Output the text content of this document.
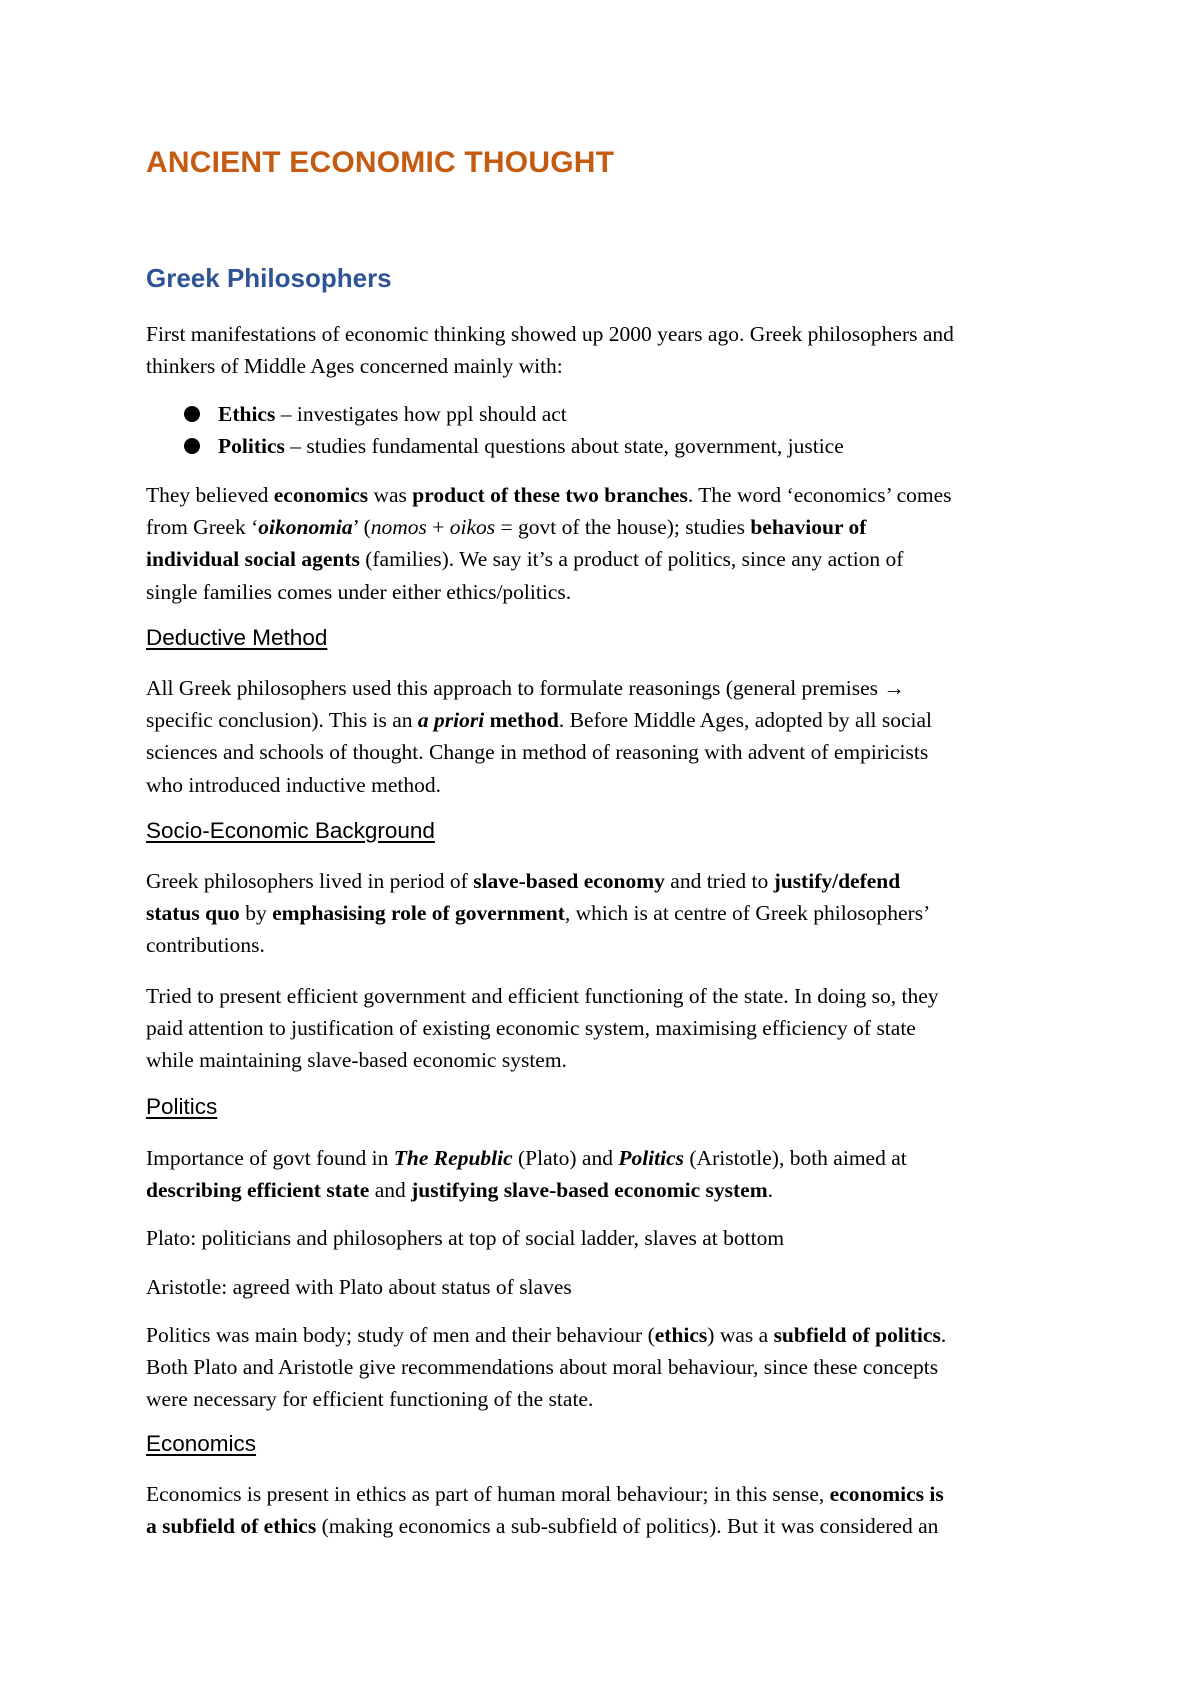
ANCIENT ECONOMIC THOUGHT
Greek Philosophers

First manifestations of economic thinking showed up 2000 years ago. Greek philosophers and
thinkers of Middle Ages concerned mainly with:

Ethics – investigates how ppl should act
Politics – studies fundamental questions about state, government, justice

They believed economics was product of these two branches. The word ‘economics’ comes
from Greek ‘oikonomia’ (nomos + oikos = govt of the house); studies behaviour of
individual social agents (families). We say it’s a product of politics, since any action of
single families comes under either ethics/politics.

Deductive Method

All Greek philosophers used this approach to formulate reasonings (general premises →
specific conclusion). This is an a priori method. Before Middle Ages, adopted by all social
sciences and schools of thought. Change in method of reasoning with advent of empiricists
who introduced inductive method.

Socio-Economic Background

Greek philosophers lived in period of slave-based economy and tried to justify/defend
status quo by emphasising role of government, which is at centre of Greek philosophers’
contributions.

Tried to present efficient government and efficient functioning of the state. In doing so, they
paid attention to justification of existing economic system, maximising efficiency of state
while maintaining slave-based economic system.

Politics

Importance of govt found in The Republic (Plato) and Politics (Aristotle), both aimed at
describing efficient state and justifying slave-based economic system.

Plato: politicians and philosophers at top of social ladder, slaves at bottom

Aristotle: agreed with Plato about status of slaves

Politics was main body; study of men and their behaviour (ethics) was a subfield of politics.
Both Plato and Aristotle give recommendations about moral behaviour, since these concepts
were necessary for efficient functioning of the state.

Economics

Economics is present in ethics as part of human moral behaviour; in this sense, economics is
a subfield of ethics (making economics a sub-subfield of politics). But it was considered an
